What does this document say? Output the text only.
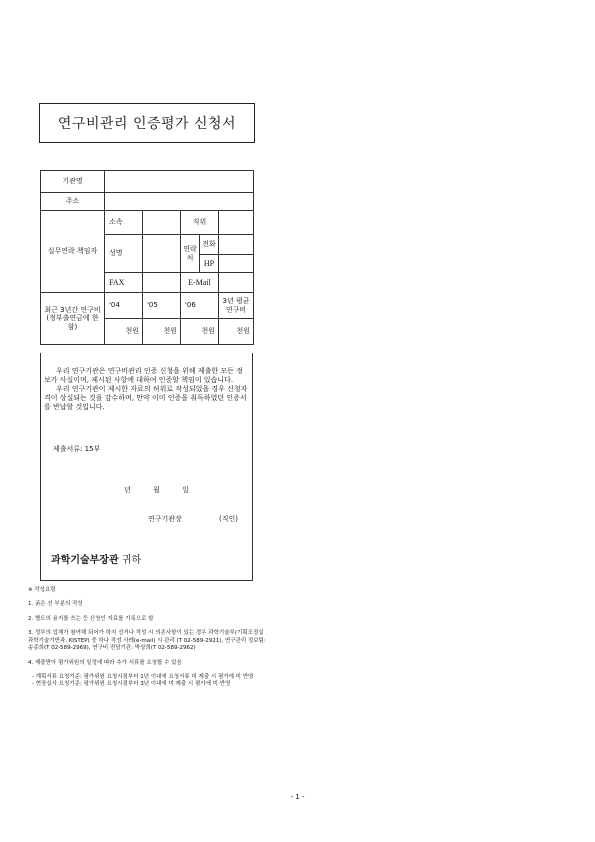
연구비관리 인증평가 신청서
기관명					
주소					
실무연락 책임자	소속		직위		
	성명		연락처	전화	
				HP	
	FAX		E-Mail		

최근 3년간 연구비
(정부출연금에 한함)	'04	'05	'06		3년 평균 연구비
	천원	천원	천원		천원

우리 연구기관은 연구비관리 인증 신청을 위해 제출한 모든 정보가 사실이며, 제시된 사항에 대하여 인증할 책임이 있습니다.

우리 연구기관이 제시한 자료의 허위로 작성되었을 경우 신청자격이 상실되는 것을 감수하며, 만약 이미 인증을 취득하였던 인증서를 반납할 것입니다.

제출서류: 15부
년 월 일
연구기관장	(직인)
과학기술부장관 귀하
※ 작성요령
1. 굵은 선 부분의 작성
2. 별도의 용지를 쓰는 등 신청인 자료를 기록으로 함
3. 정부의 업체가 참여해 되어가 하지 선거나 작성 시 의존사항이 있는 경우 과학기술부(기획조정실 과학기술기반과, KISTEP) 중 하나 작성 사례(e-mail) 시 관리 (T 02-589-2921), 연구관리 정보팀: 송종희(T 02-589-2969), 연구비 전담기관: 박상희(T 02-589-2962)
4. 제출받아 평가위원의 일정에 따라 추가 서류를 요청할 수 있음
- 계획서류 요청기준: 평가위원 요청시점부터 1년 이내에 요청서류 미 제출 시 평가에 미 반영
- 현장실사 요청기준: 평가위원 요청시점부터 3년 이내에 미 제출 시 평가에 미 반영
- 1 -
